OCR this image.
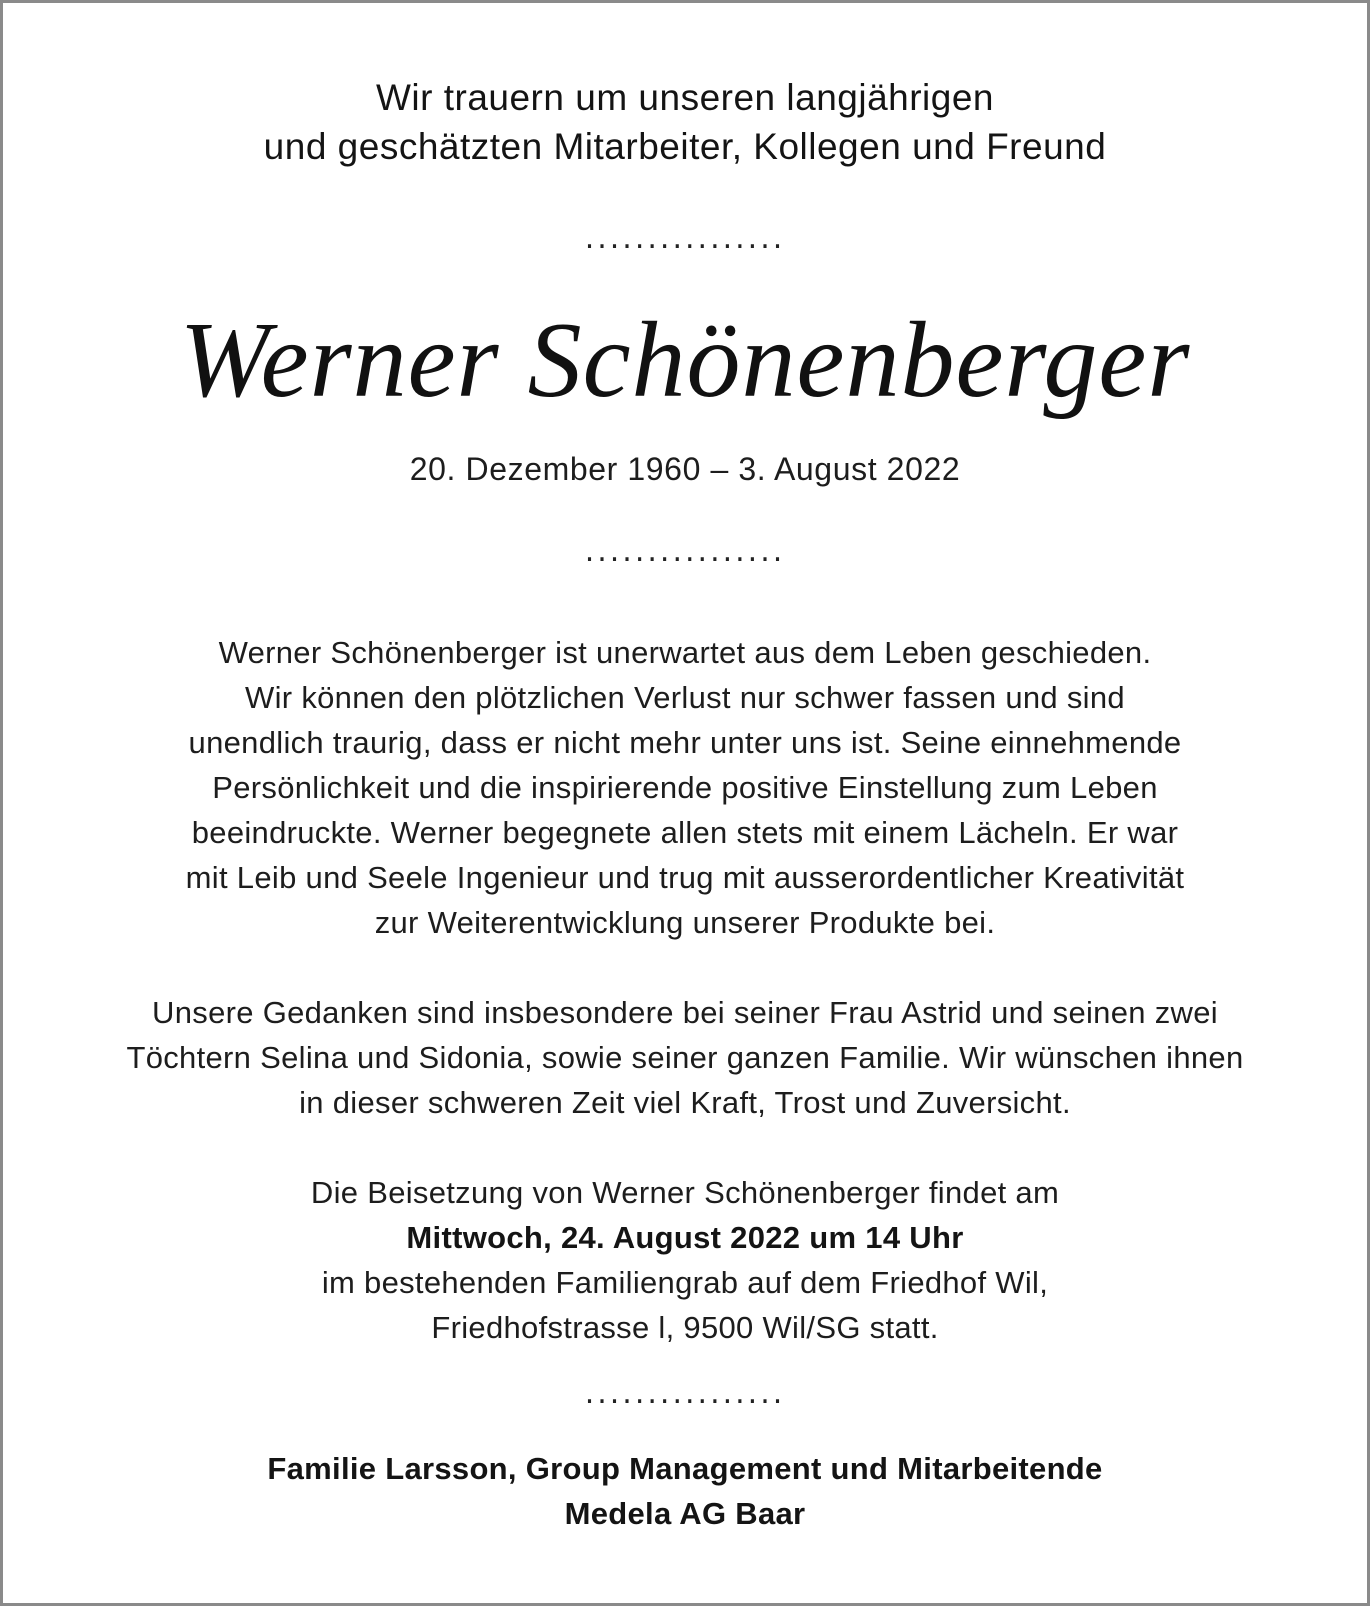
Wir trauern um unseren langjährigen
und geschätzten Mitarbeiter, Kollegen und Freund
................
Werner Schönenberger
20. Dezember 1960 – 3. August 2022
................
Werner Schönenberger ist unerwartet aus dem Leben geschieden.
Wir können den plötzlichen Verlust nur schwer fassen und sind
unendlich traurig, dass er nicht mehr unter uns ist. Seine einnehmende
Persönlichkeit und die inspirierende positive Einstellung zum Leben
beeindruckte. Werner begegnete allen stets mit einem Lächeln. Er war
mit Leib und Seele Ingenieur und trug mit ausserordentlicher Kreativität
zur Weiterentwicklung unserer Produkte bei.
Unsere Gedanken sind insbesondere bei seiner Frau Astrid und seinen zwei
Töchtern Selina und Sidonia, sowie seiner ganzen Familie. Wir wünschen ihnen
in dieser schweren Zeit viel Kraft, Trost und Zuversicht.
Die Beisetzung von Werner Schönenberger findet am
Mittwoch, 24. August 2022 um 14 Uhr
im bestehenden Familiengrab auf dem Friedhof Wil,
Friedhofstrasse l, 9500 Wil/SG statt.
................
Familie Larsson, Group Management und Mitarbeitende
Medela AG Baar
